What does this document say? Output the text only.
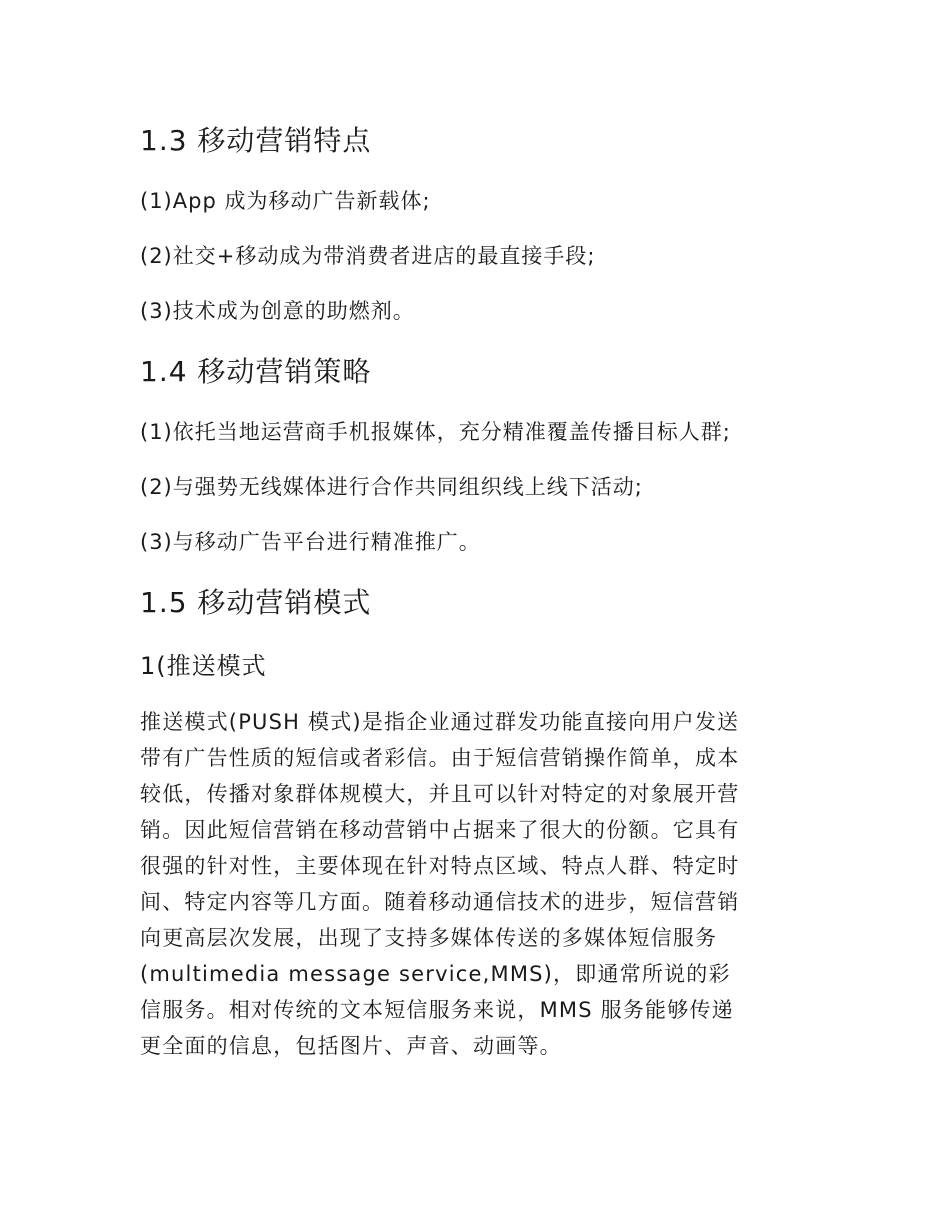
1.3 移动营销特点

(1)App 成为移动广告新载体;

(2)社交+移动成为带消费者进店的最直接手段;

(3)技术成为创意的助燃剂。

1.4 移动营销策略

(1)依托当地运营商手机报媒体，充分精准覆盖传播目标人群;

(2)与强势无线媒体进行合作共同组织线上线下活动;

(3)与移动广告平台进行精准推广。

1.5 移动营销模式
1(推送模式

推送模式(PUSH 模式)是指企业通过群发功能直接向用户发送

带有广告性质的短信或者彩信。由于短信营销操作简单，成本

较低，传播对象群体规模大，并且可以针对特定的对象展开营

销。因此短信营销在移动营销中占据来了很大的份额。它具有

很强的针对性，主要体现在针对特点区域、特点人群、特定时

间、特定内容等几方面。随着移动通信技术的进步，短信营销

向更高层次发展，出现了支持多媒体传送的多媒体短信服务

(multimedia message service,MMS)，即通常所说的彩

信服务。相对传统的文本短信服务来说，MMS 服务能够传递

更全面的信息，包括图片、声音、动画等。
